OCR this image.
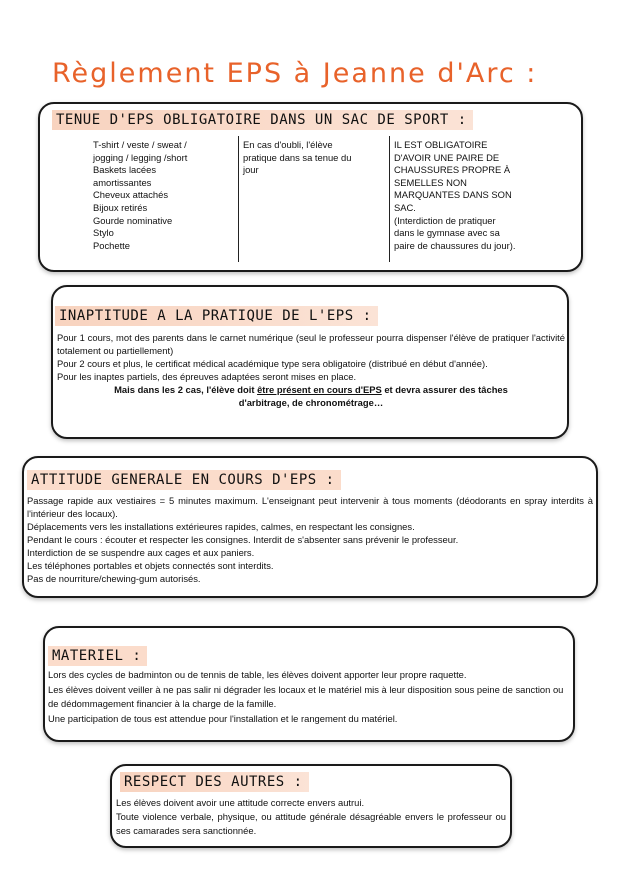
Règlement EPS à Jeanne d'Arc :
TENUE D'EPS OBLIGATOIRE DANS UN SAC DE SPORT :
T-shirt / veste / sweat /
jogging / legging /short
Baskets lacées
amortissantes
Cheveux attachés
Bijoux retirés
Gourde nominative
Stylo
Pochette
En cas d'oubli, l'élève
pratique dans sa tenue du
jour
IL EST OBLIGATOIRE
D'AVOIR UNE PAIRE DE
CHAUSSURES PROPRE À
SEMELLES NON
MARQUANTES DANS SON
SAC.
(Interdiction de pratiquer
dans le gymnase avec sa
paire de chaussures du jour).
INAPTITUDE A LA PRATIQUE DE L'EPS :

Pour 1 cours, mot des parents dans le carnet numérique (seul le professeur pourra dispenser l'élève de pratiquer l'activité totalement ou partiellement)

Pour 2 cours et plus, le certificat médical académique type sera obligatoire (distribué en début d'année).

Pour les inaptes partiels, des épreuves adaptées seront mises en place.

Mais dans les 2 cas, l'élève doit être présent en cours d'EPS et devra assurer des tâches

d'arbitrage, de chronométrage…

ATTITUDE GENERALE EN COURS D'EPS :

Passage rapide aux vestiaires = 5 minutes maximum. L'enseignant peut intervenir à tous moments (déodorants en spray interdits à l'intérieur des locaux).

Déplacements vers les installations extérieures rapides, calmes, en respectant les consignes.

Pendant le cours : écouter et respecter les consignes. Interdit de s'absenter sans prévenir le professeur.

Interdiction de se suspendre aux cages et aux paniers.

Les téléphones portables et objets connectés sont interdits.

Pas de nourriture/chewing-gum autorisés.

MATERIEL :

Lors des cycles de badminton ou de tennis de table, les élèves doivent apporter leur propre raquette.

Les élèves doivent veiller à ne pas salir ni dégrader les locaux et le matériel mis à leur disposition sous peine de sanction ou de dédommagement financier à la charge de la famille.

Une participation de tous est attendue pour l'installation et le rangement du matériel.

RESPECT DES AUTRES :

Les élèves doivent avoir une attitude correcte envers autrui.

Toute violence verbale, physique, ou attitude générale désagréable envers le professeur ou ses camarades sera sanctionnée.
